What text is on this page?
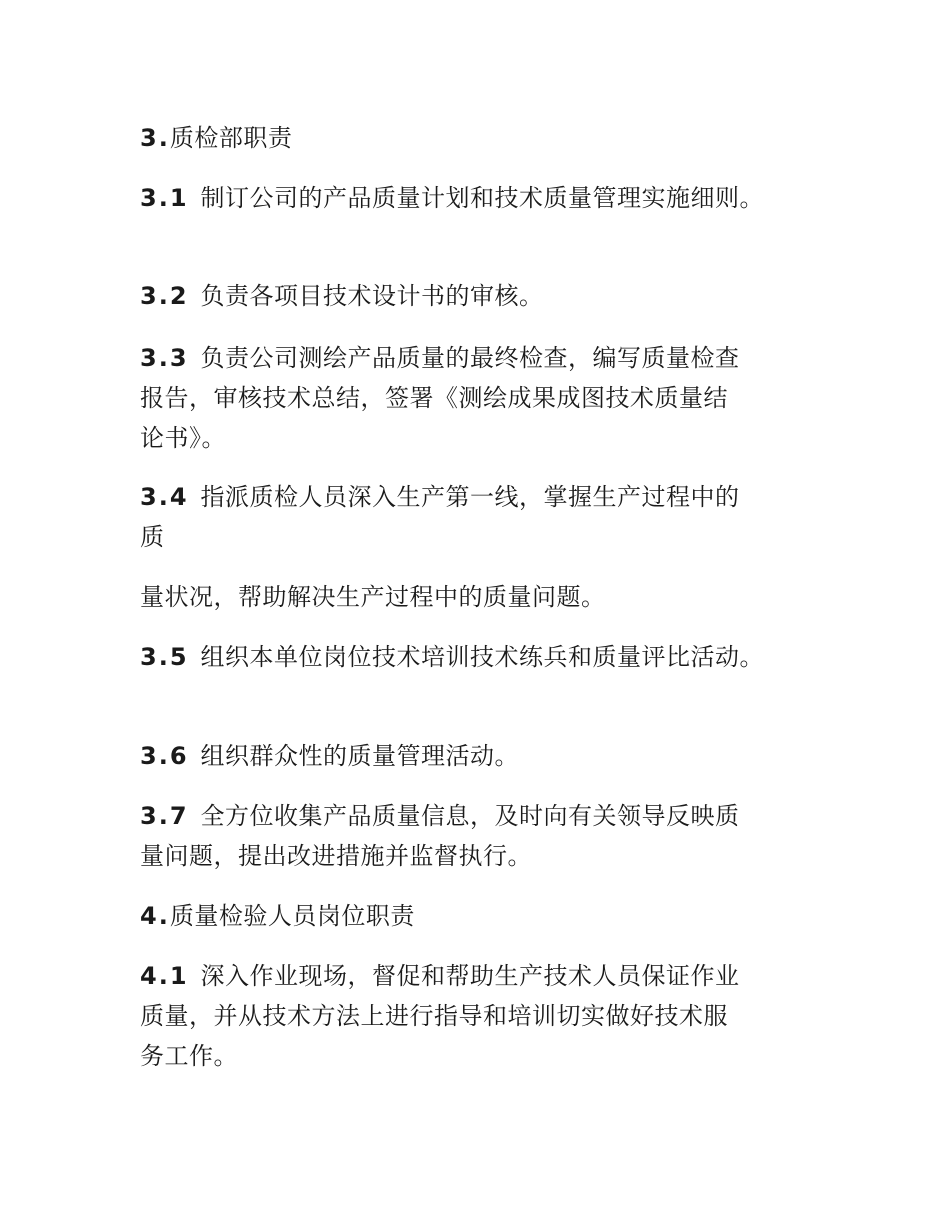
3.质检部职责

3.1 制订公司的产品质量计划和技术质量管理实施细则。

3.2 负责各项目技术设计书的审核。

3.3 负责公司测绘产品质量的最终检查，编写质量检查

报告，审核技术总结，签署《测绘成果成图技术质量结

论书》。

3.4 指派质检人员深入生产第一线，掌握生产过程中的

质

量状况，帮助解决生产过程中的质量问题。

3.5 组织本单位岗位技术培训技术练兵和质量评比活动。

3.6 组织群众性的质量管理活动。

3.7 全方位收集产品质量信息，及时向有关领导反映质

量问题，提出改进措施并监督执行。

4.质量检验人员岗位职责

4.1 深入作业现场，督促和帮助生产技术人员保证作业

质量，并从技术方法上进行指导和培训切实做好技术服

务工作。
